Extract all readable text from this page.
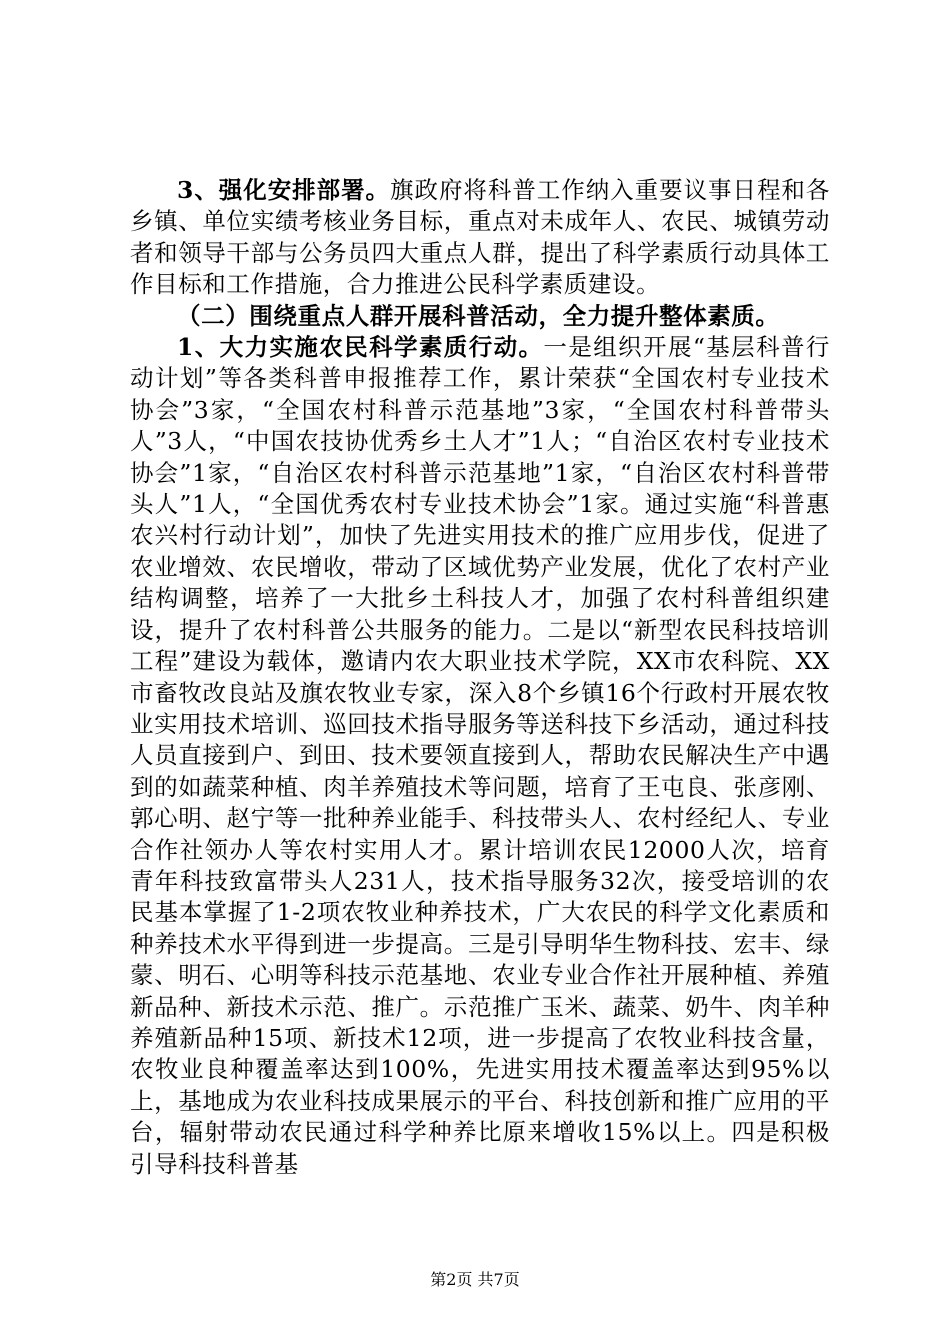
3、强化安排部署。旗政府将科普工作纳入重要议事日程和各乡镇、单位实绩考核业务目标，重点对未成年人、农民、城镇劳动者和领导干部与公务员四大重点人群，提出了科学素质行动具体工作目标和工作措施，合力推进公民科学素质建设。

（二）围绕重点人群开展科普活动，全力提升整体素质。

1、大力实施农民科学素质行动。一是组织开展“基层科普行动计划”等各类科普申报推荐工作，累计荣获“全国农村专业技术协会”3家，“全国农村科普示范基地”3家，“全国农村科普带头人”3人，“中国农技协优秀乡土人才”1人；“自治区农村专业技术协会”1家，“自治区农村科普示范基地”1家，“自治区农村科普带头人”1人，“全国优秀农村专业技术协会”1家。通过实施“科普惠农兴村行动计划”，加快了先进实用技术的推广应用步伐，促进了农业增效、农民增收，带动了区域优势产业发展，优化了农村产业结构调整，培养了一大批乡土科技人才，加强了农村科普组织建设，提升了农村科普公共服务的能力。二是以“新型农民科技培训工程”建设为载体，邀请内农大职业技术学院，XX市农科院、XX市畜牧改良站及旗农牧业专家，深入8个乡镇16个行政村开展农牧业实用技术培训、巡回技术指导服务等送科技下乡活动，通过科技人员直接到户、到田、技术要领直接到人，帮助农民解决生产中遇到的如蔬菜种植、肉羊养殖技术等问题，培育了王屯良、张彦刚、郭心明、赵宁等一批种养业能手、科技带头人、农村经纪人、专业合作社领办人等农村实用人才。累计培训农民12000人次，培育青年科技致富带头人231人，技术指导服务32次，接受培训的农民基本掌握了1-2项农牧业种养技术，广大农民的科学文化素质和种养技术水平得到进一步提高。三是引导明华生物科技、宏丰、绿蒙、明石、心明等科技示范基地、农业专业合作社开展种植、养殖新品种、新技术示范、推广。示范推广玉米、蔬菜、奶牛、肉羊种养殖新品种15项、新技术12项，进一步提高了农牧业科技含量，农牧业良种覆盖率达到100%，先进实用技术覆盖率达到95%以上，基地成为农业科技成果展示的平台、科技创新和推广应用的平台，辐射带动农民通过科学种养比原来增收15%以上。四是积极引导科技科普基

第2页 共7页
